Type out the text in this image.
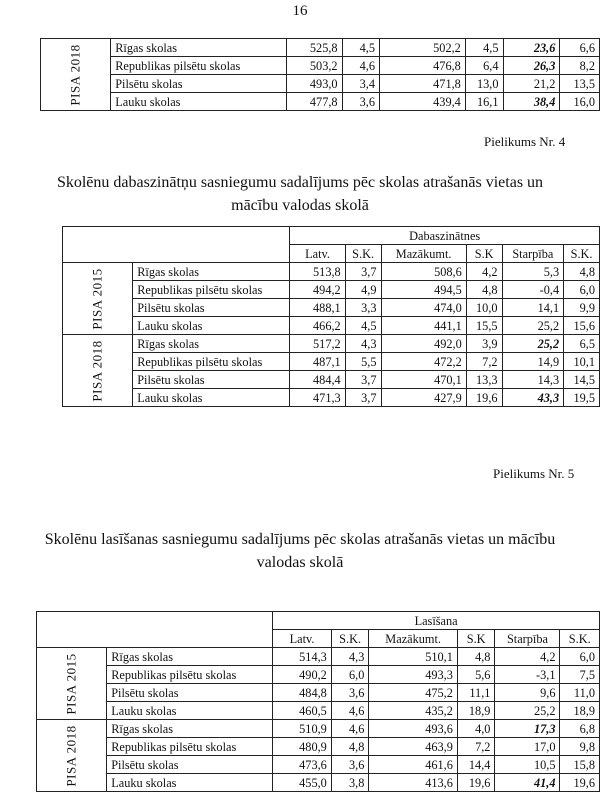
16
PISA 2018	Rīgas skolas	525,8	4,5	502,2	4,5	23,6	6,6
	Republikas pilsētu skolas	503,2	4,6	476,8	6,4	26,3	8,2
	Pilsētu skolas	493,0	3,4	471,8	13,0	21,2	13,5
	Lauku skolas	477,8	3,6	439,4	16,1	38,4	16,0
Pielikums Nr. 4
Skolēnu dabaszinātņu sasniegumu sadalījums pēc skolas atrašanās vietas un
mācību valodas skolā
		Dabaszinātnes					
		Latv.	S.K.	Mazākumt.	S.K	Starpība	S.K.
PISA 2015	Rīgas skolas	513,8	3,7	508,6	4,2	5,3	4,8
	Republikas pilsētu skolas	494,2	4,9	494,5	4,8	-0,4	6,0
	Pilsētu skolas	488,1	3,3	474,0	10,0	14,1	9,9
	Lauku skolas	466,2	4,5	441,1	15,5	25,2	15,6
PISA 2018	Rīgas skolas	517,2	4,3	492,0	3,9	25,2	6,5
	Republikas pilsētu skolas	487,1	5,5	472,2	7,2	14,9	10,1
	Pilsētu skolas	484,4	3,7	470,1	13,3	14,3	14,5
	Lauku skolas	471,3	3,7	427,9	19,6	43,3	19,5
Pielikums Nr. 5
Skolēnu lasīšanas sasniegumu sadalījums pēc skolas atrašanās vietas un mācību
valodas skolā
		Lasīšana					
		Latv.	S.K.	Mazākumt.	S.K	Starpība	S.K.
PISA 2015	Rīgas skolas	514,3	4,3	510,1	4,8	4,2	6,0
	Republikas pilsētu skolas	490,2	6,0	493,3	5,6	-3,1	7,5
	Pilsētu skolas	484,8	3,6	475,2	11,1	9,6	11,0
	Lauku skolas	460,5	4,6	435,2	18,9	25,2	18,9
PISA 2018	Rīgas skolas	510,9	4,6	493,6	4,0	17,3	6,8
	Republikas pilsētu skolas	480,9	4,8	463,9	7,2	17,0	9,8
	Pilsētu skolas	473,6	3,6	461,6	14,4	10,5	15,8
	Lauku skolas	455,0	3,8	413,6	19,6	41,4	19,6
